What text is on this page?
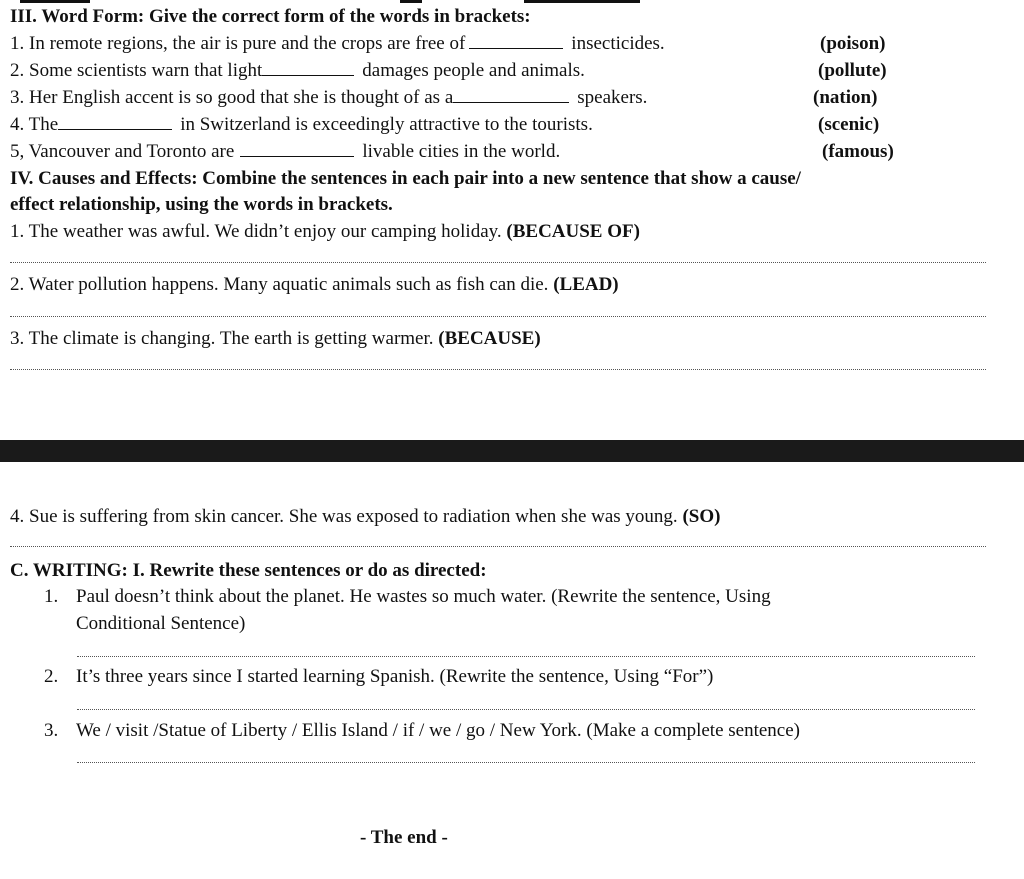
III. Word Form: Give the correct form of the words in brackets:
1. In remote regions, the air is pure and the crops are free of	insecticides.	(poison)
2. Some scientists warn that light	damages people and animals.	(pollute)
3. Her English accent is so good that she is thought of as a	speakers.	(nation)
4. The	in Switzerland is exceedingly attractive to the tourists.	(scenic)
5, Vancouver and Toronto are	livable cities in the world.	(famous)
IV. Causes and Effects: Combine the sentences in each pair into a new sentence that show a cause/
effect relationship, using the words in brackets.
1. The weather was awful. We didn’t enjoy our camping holiday. (BECAUSE OF)
2. Water pollution happens. Many aquatic animals such as fish can die. (LEAD)
3. The climate is changing. The earth is getting warmer. (BECAUSE)
4. Sue is suffering from skin cancer. She was exposed to radiation when she was young. (SO)
C. WRITING: I. Rewrite these sentences or do as directed:
1. Paul doesn’t think about the planet. He wastes so much water. (Rewrite the sentence, Using
Conditional Sentence)
2. It’s three years since I started learning Spanish. (Rewrite the sentence, Using “For”)
3. We / visit /Statue of Liberty / Ellis Island / if / we / go / New York. (Make a complete sentence)
- The end -
